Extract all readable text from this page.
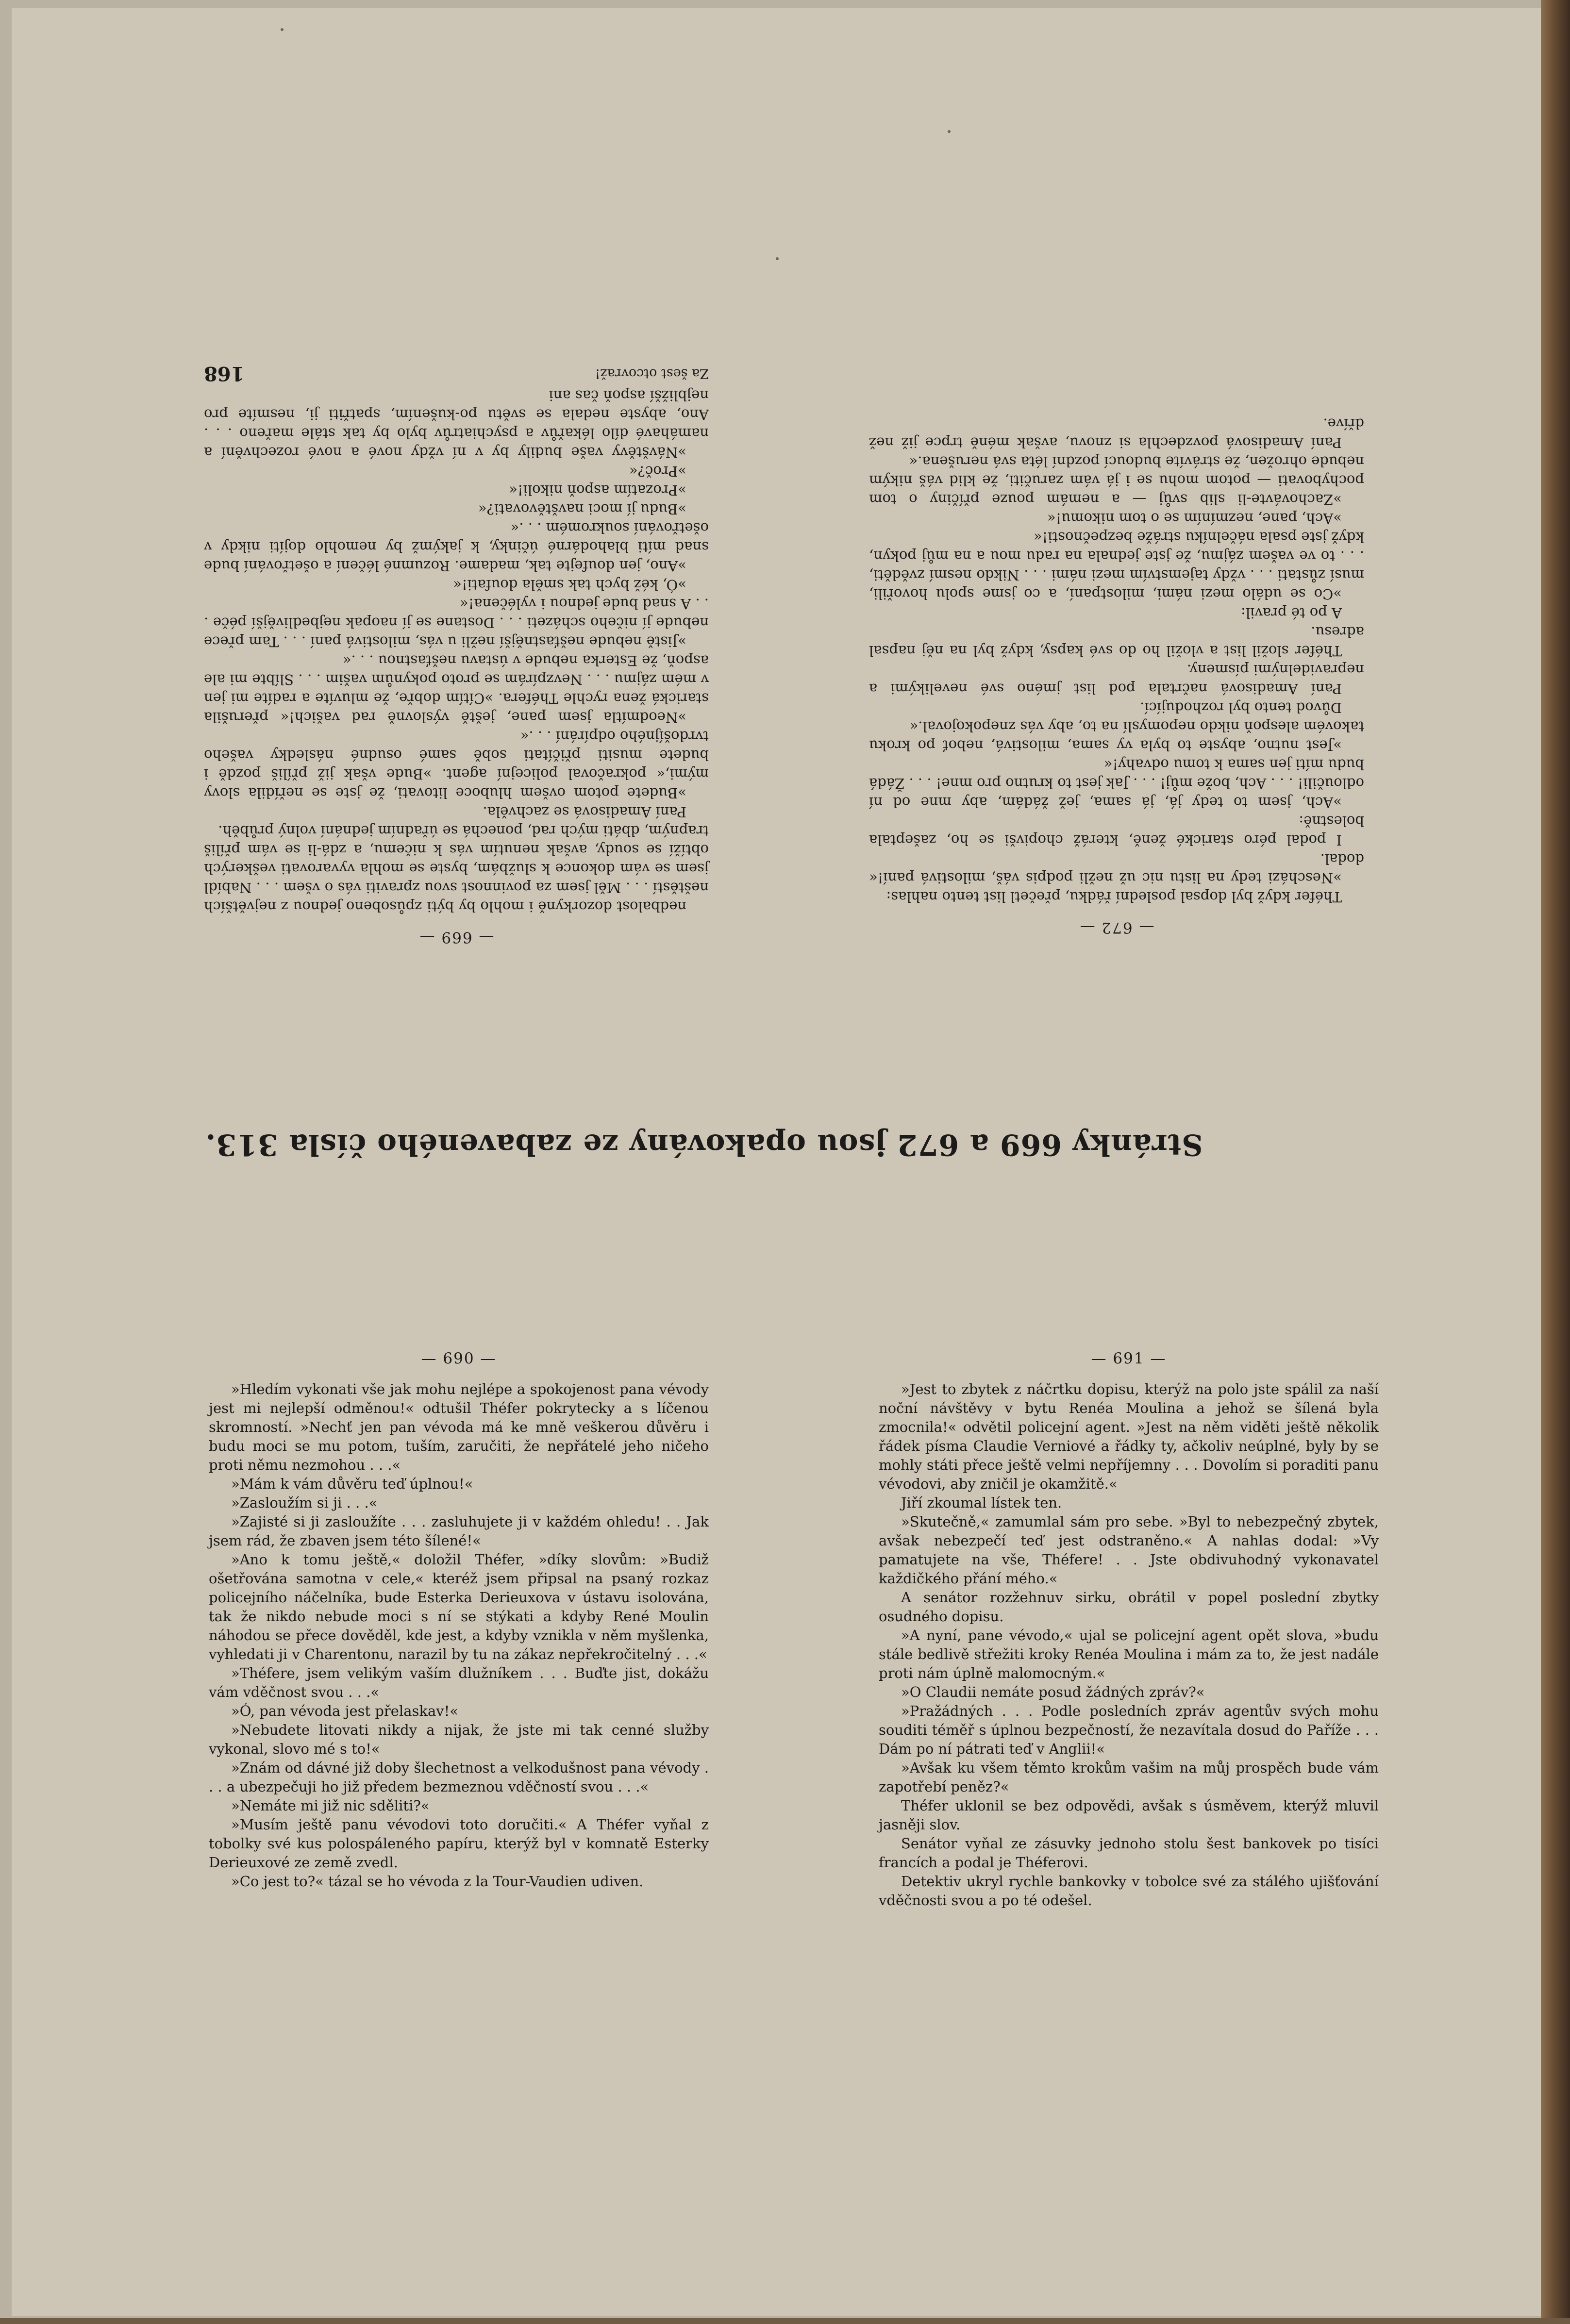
— 672 —

Théfer když byl dopsal poslední řádku, přečetl list tento nahlas:

»Nescházi tedy na listu nic už nežli podpis váš, milostivá paní!« dodal.

I podal péro starické ženě, kteráž chopivši se ho, zašeptala bolestně:

»Ach, jsem to tedy já, já sama, jež žádám, aby mne od ní odloučili! . . . Ach, bože můj! . . . Jak jest to krutno pro mne! . . . Žádá budu míti jen sama k tomu odvahy!«

»Jest nutno, abyste to byla vy sama, milostivá, neboť po kroku takovém alespoň nikdo nepomyslí na to, aby vás znepokojoval.«

Důvod tento byl rozhodující.

Paní Amadisová načrtala pod list jméno své nevelikými a nepravidelnými písmeny.

Théfer složil list a vložil ho do své kapsy, když byl na něj napsal adresu.

A po té pravil:

»Co se událo mezi námi, milostpaní, a co jsme spolu hovořili, musí zůstati . . . vždy tajemstvím mezi námi . . . Nikdo nesmí zvěděti, . . . to ve vašem zájmu, že jste jednala na radu mou a na můj pokyn, když jste psala náčelníku stráže bezpečnosti!«

»Ach, pane, nezmíním se o tom nikomu!«

»Zachovávte-li slib svůj — a nemám pouze příčiny o tom pochybovati — potom mohu se i já vám zaručiti, že klid váš nikým nebude ohrožen, že strávíte budoucí pozdní léta svá nerušena.«

Paní Amadisová povzdechla si znovu, avšak méně trpce již než dříve.

— 669 —

nedbalost dozorkyně i mohlo by býti způsobeno jednou z největších neštěstí . . . Měl jsem za povinnost svou zpraviti vás o všem . . . Nabídl jsem se vám dokonce k službám, byste se mohla vyvarovati veškerých obtíží se soudy, avšak nenutím vás k ničemu, a zdá-li se vám příliš trapným, dbáti mých rad, ponechá se úřadním jednání volný průběh.

Paní Amadisová se zachvěla.

»Budete potom ovšem hluboce litovati, že jste se neřídila slovy mými,« pokračoval policejní agent. »Bude však již příliš pozdě i budete musiti přičítati sobě samé osudné následky vašeho tvrdošíjného odpírání . . .«

»Neodmítla jsem pane, ještě výslovně rad vašich!« přerušila starická žena rychle Théfera. »Cítím dobře, že mluvíte a radíte mi jen v mém zájmu . . . Nevzpírám se proto pokynům vašim . . . Slíbte mi ale aspoň, že Esterka nebude v ústavu nešťastnou . . .«

»Jistě nebude nešťastnější nežli u vás, milostivá paní . . . Tam přece nebude jí ničeho scházeti . . . Dostane se jí naopak nejbedlivější péče . . . A snad bude jednou i vyléčena!«

»Ó, kéž bych tak směla doufati!«

»Ano, jen doufejte tak, madame. Rozumné léčení a ošetřování bude snad míti blahodárné účinky, k jakýmž by nemohlo dojíti nikdy v ošetřování soukromém . . .«

»Budu jí moci navštěvovati?«

»Prozatím aspoň nikoli!«

»Proč?«

»Návštěvy vaše budily by v ní vždy nové a nové rozechvění a namáhavé dílo lékařův a psychiatrův bylo by tak stále mařeno . . . Ano, abyste nedala se světu po-kušením, spatřiti ji, nesmíte pro nejbližší aspoň čas ani

Za šest otcovraž!
168
Stránky 669 a 672 jsou opakovány ze zabaveného čísla 313.
— 690 —

»Hledím vykonati vše jak mohu nejlépe a spokojenost pana vévody jest mi nejlepší odměnou!« odtušil Théfer pokrytecky a s líčenou skromností. »Nechť jen pan vévoda má ke mně veškerou důvěru i budu moci se mu potom, tuším, zaručiti, že nepřátelé jeho ničeho proti němu nezmohou . . .«

»Mám k vám důvěru teď úplnou!«

»Zasloužím si ji . . .«

»Zajisté si ji zasloužíte . . . zasluhujete ji v každém ohledu! . . Jak jsem rád, že zbaven jsem této šílené!«

»Ano k tomu ještě,« doložil Théfer, »díky slovům: »Budiž ošetřována samotna v cele,« kteréž jsem připsal na psaný rozkaz policejního náčelníka, bude Esterka Derieuxova v ústavu isolována, tak že nikdo nebude moci s ní se stýkati a kdyby René Moulin náhodou se přece dověděl, kde jest, a kdyby vznikla v něm myšlenka, vyhledati ji v Charentonu, narazil by tu na zákaz nepřekročitelný . . .«

»Théfere, jsem velikým vaším dlužníkem . . . Buďte jist, dokážu vám vděčnost svou . . .«

»Ó, pan vévoda jest přelaskav!«

»Nebudete litovati nikdy a nijak, že jste mi tak cenné služby vykonal, slovo mé s to!«

»Znám od dávné již doby šlechetnost a velkodušnost pana vévody . . . a ubezpečuji ho již předem bezmeznou vděčností svou . . .«

»Nemáte mi již nic sděliti?«

»Musím ještě panu vévodovi toto doručiti.« A Théfer vyňal z tobolky své kus polospáleného papíru, kterýž byl v komnatě Esterky Derieuxové ze země zvedl.

»Co jest to?« tázal se ho vévoda z la Tour-Vaudien udiven.

— 691 —

»Jest to zbytek z náčrtku dopisu, kterýž na polo jste spálil za naší noční návštěvy v bytu Renéa Moulina a jehož se šílená byla zmocnila!« odvětil policejní agent. »Jest na něm viděti ještě několik řádek písma Claudie Verniové a řádky ty, ačkoliv neúplné, byly by se mohly státi přece ještě velmi nepříjemny . . . Dovolím si poraditi panu vévodovi, aby zničil je okamžitě.«

Jiří zkoumal lístek ten.

»Skutečně,« zamumlal sám pro sebe. »Byl to nebezpečný zbytek, avšak nebezpečí teď jest odstraněno.« A nahlas dodal: »Vy pamatujete na vše, Théfere! . . Jste obdivuhodný vykonavatel každičkého přání mého.«

A senátor rozžehnuv sirku, obrátil v popel poslední zbytky osudného dopisu.

»A nyní, pane vévodo,« ujal se policejní agent opět slova, »budu stále bedlivě střežiti kroky Renéa Moulina i mám za to, že jest nadále proti nám úplně malomocným.«

»O Claudii nemáte posud žádných zpráv?«

»Pražádných . . . Podle posledních zpráv agentův svých mohu souditi téměř s úplnou bezpečností, že nezavítala dosud do Paříže . . . Dám po ní pátrati teď v Anglii!«

»Avšak ku všem těmto krokům vašim na můj prospěch bude vám zapotřebí peněz?«

Théfer uklonil se bez odpovědi, avšak s úsměvem, kterýž mluvil jasněji slov.

Senátor vyňal ze zásuvky jednoho stolu šest bankovek po tisíci francích a podal je Théferovi.

Detektiv ukryl rychle bankovky v tobolce své za stálého ujišťování vděčnosti svou a po té odešel.
